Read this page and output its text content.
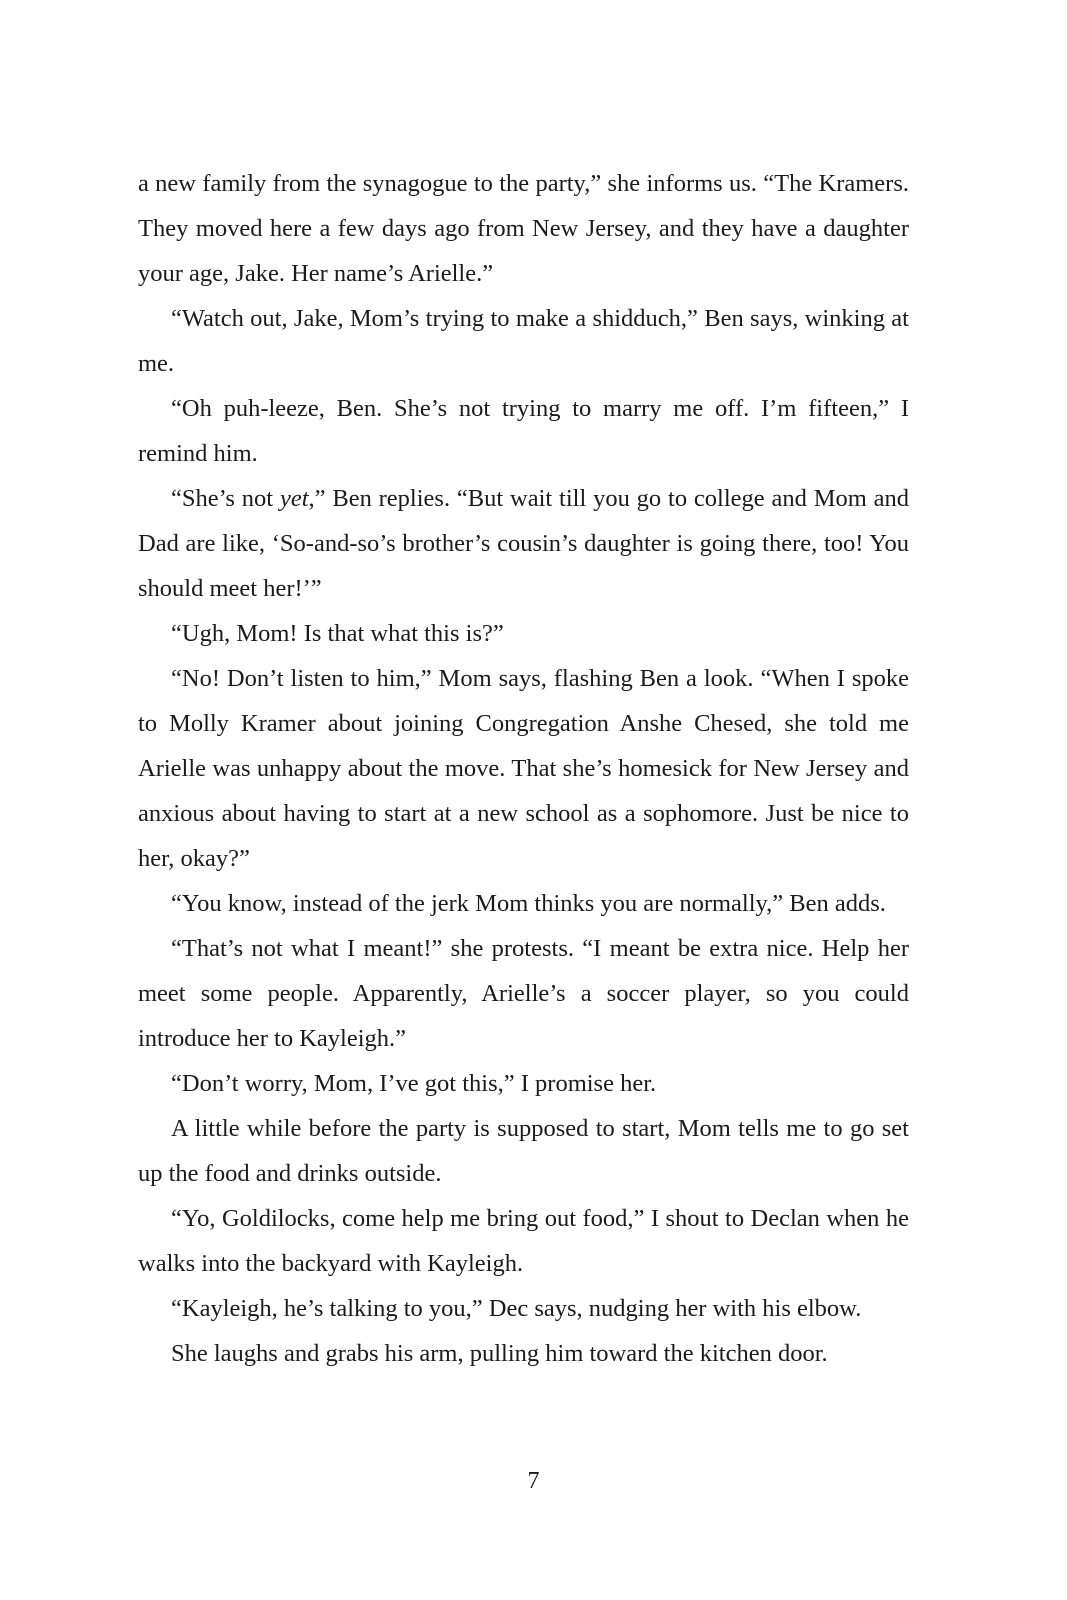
a new family from the synagogue to the party,” she informs us. “The Kramers. They moved here a few days ago from New Jersey, and they have a daughter your age, Jake. Her name’s Arielle.”

“Watch out, Jake, Mom’s trying to make a shidduch,” Ben says, winking at me.

“Oh puh-leeze, Ben. She’s not trying to marry me off. I’m fifteen,” I remind him.

“She’s not yet,” Ben replies. “But wait till you go to college and Mom and Dad are like, ‘So-and-so’s brother’s cousin’s daughter is going there, too! You should meet her!’”

“Ugh, Mom! Is that what this is?”

“No! Don’t listen to him,” Mom says, flashing Ben a look. “When I spoke to Molly Kramer about joining Congregation Anshe Chesed, she told me Arielle was unhappy about the move. That she’s homesick for New Jersey and anxious about having to start at a new school as a sophomore. Just be nice to her, okay?”

“You know, instead of the jerk Mom thinks you are normally,” Ben adds.

“That’s not what I meant!” she protests. “I meant be extra nice. Help her meet some people. Apparently, Arielle’s a soccer player, so you could introduce her to Kayleigh.”

“Don’t worry, Mom, I’ve got this,” I promise her.

A little while before the party is supposed to start, Mom tells me to go set up the food and drinks outside.

“Yo, Goldilocks, come help me bring out food,” I shout to Declan when he walks into the backyard with Kayleigh.

“Kayleigh, he’s talking to you,” Dec says, nudging her with his elbow.

She laughs and grabs his arm, pulling him toward the kitchen door.

7
